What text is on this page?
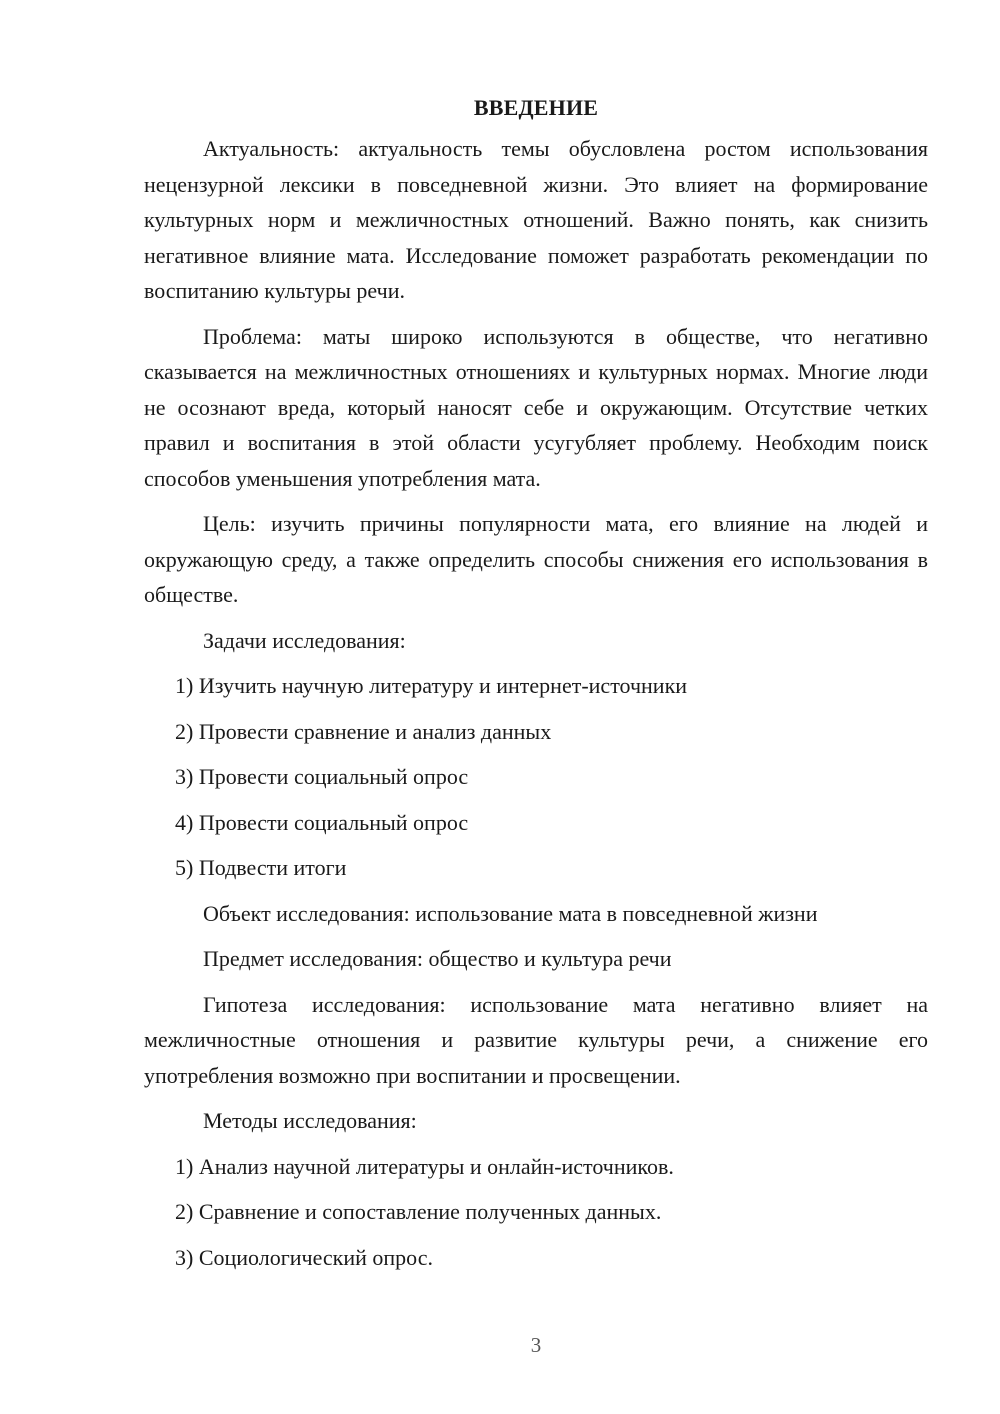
ВВЕДЕНИЕ

Актуальность: актуальность темы обусловлена ростом использования нецензурной лексики в повседневной жизни. Это влияет на формирование культурных норм и межличностных отношений. Важно понять, как снизить негативное влияние мата. Исследование поможет разработать рекомендации по воспитанию культуры речи.

Проблема: маты широко используются в обществе, что негативно сказывается на межличностных отношениях и культурных нормах. Многие люди не осознают вреда, который наносят себе и окружающим. Отсутствие четких правил и воспитания в этой области усугубляет проблему. Необходим поиск способов уменьшения употребления мата.

Цель: изучить причины популярности мата, его влияние на людей и окружающую среду, а также определить способы снижения его использования в обществе.

Задачи исследования:

1) Изучить научную литературу и интернет-источники

2) Провести сравнение и анализ данных

3) Провести социальный опрос

4) Провести социальный опрос

5) Подвести итоги

Объект исследования: использование мата в повседневной жизни

Предмет исследования: общество и культура речи

Гипотеза исследования: использование мата негативно влияет на межличностные отношения и развитие культуры речи, а снижение его употребления возможно при воспитании и просвещении.

Методы исследования:

1) Анализ научной литературы и онлайн-источников.

2) Сравнение и сопоставление полученных данных.

3) Социологический опрос.

3
